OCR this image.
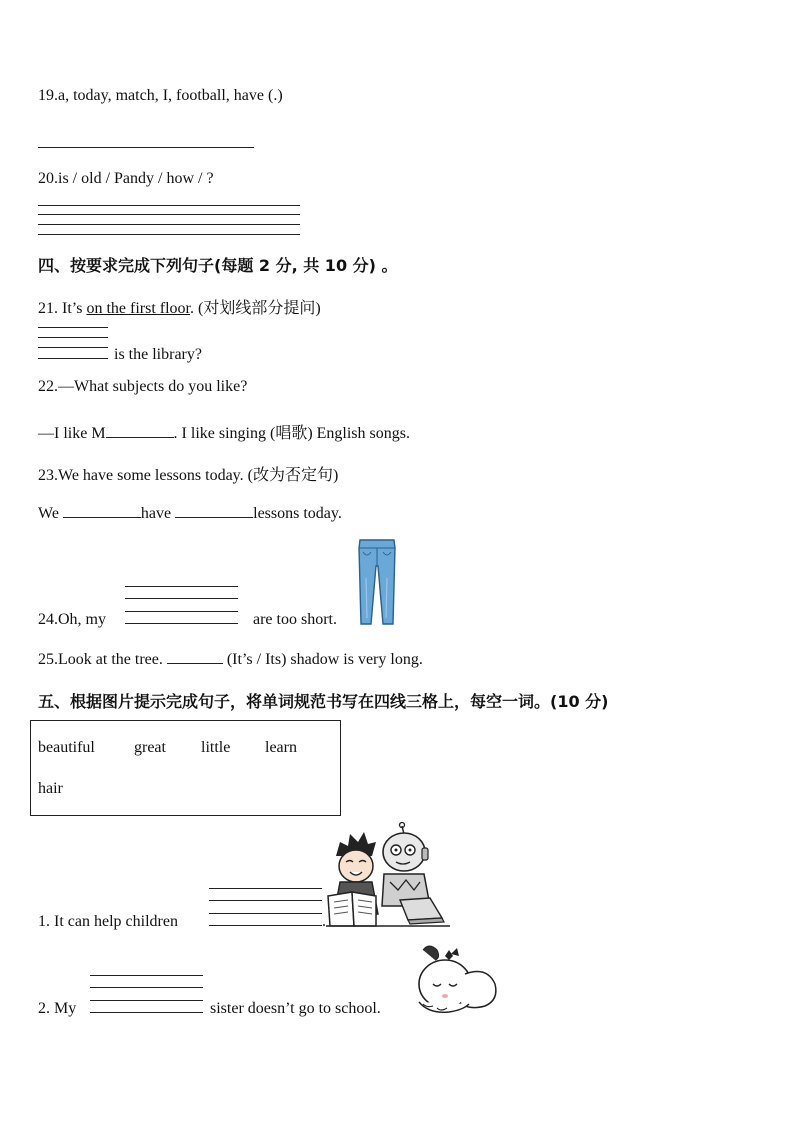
19.a, today, match, I, football, have (.)
20.is / old / Pandy / how / ?
四、按要求完成下列句子(每题 2 分, 共 10 分) 。
21. It’s on the first floor. (对划线部分提问)
is the library?
22.—What subjects do you like?
—I like M	. I like singing (唱歌) English songs.
23.We have some lessons today. (改为否定句)
We	have	lessons today.
24.Oh, my	are too short.
25.Look at the tree.	(It’s / Its) shadow is very long.
五、根据图片提示完成句子，将单词规范书写在四线三格上，每空一词。(10 分)
beautiful great little learn
hair
1. It can help children	.
2. My	sister doesn’t go to school.
